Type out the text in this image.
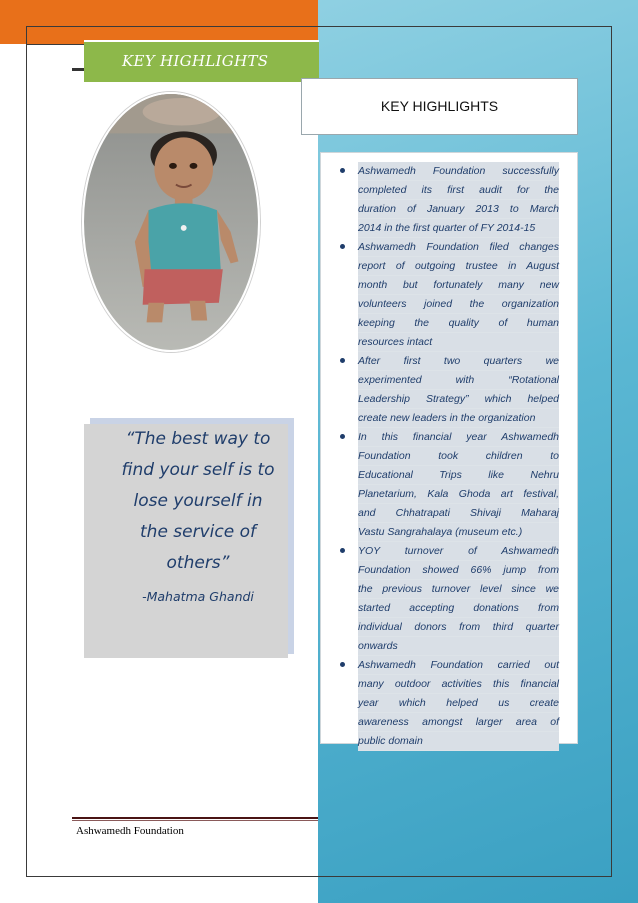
KEY HIGHLIGHTS
KEY HIGHLIGHTS
“The best way to
find your self is to
lose yourself in
the service of
others”
-Mahatma Ghandi

Ashwamedh Foundation successfully
completed its first audit for the
duration of January 2013 to March
2014 in the first quarter of FY 2014-15

Ashwamedh Foundation filed changes
report of outgoing trustee in August
month but fortunately many new
volunteers joined the organization
keeping the quality of human
resources intact

After first two quarters we
experimented with “Rotational
Leadership Strategy” which helped
create new leaders in the organization

In this financial year Ashwamedh
Foundation took children to
Educational Trips like Nehru
Planetarium, Kala Ghoda art festival,
and Chhatrapati Shivaji Maharaj
Vastu Sangrahalaya (museum etc.)

YOY turnover of Ashwamedh
Foundation showed 66% jump from
the previous turnover level since we
started accepting donations from
individual donors from third quarter
onwards

Ashwamedh Foundation carried out
many outdoor activities this financial
year which helped us create
awareness amongst larger area of
public domain

Ashwamedh Foundation
